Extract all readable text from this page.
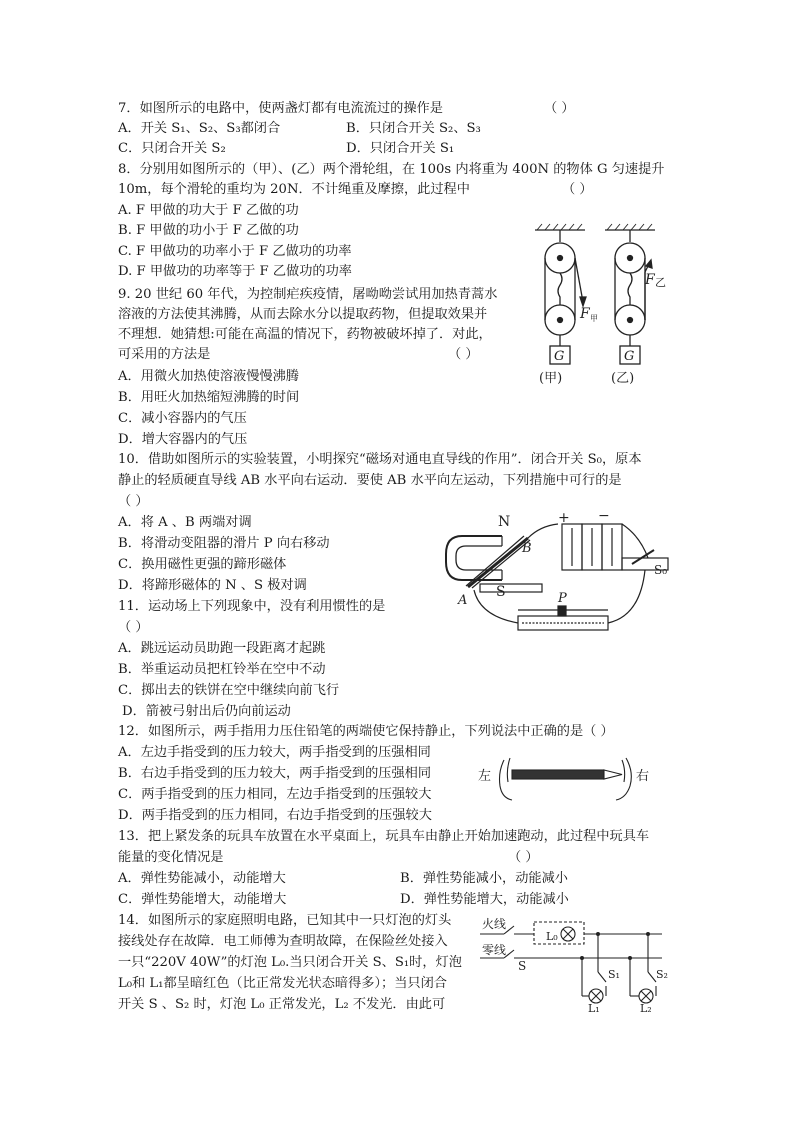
7．如图所示的电路中，使两盏灯都有电流流过的操作是	（ ）
A．开关 S₁、S₂、S₃都闭合	B．只闭合开关 S₂、S₃
C．只闭合开关 S₂	D．只闭合开关 S₁
8．分别用如图所示的（甲）、(乙）两个滑轮组，在 100s 内将重为 400N 的物体 G 匀速提升
10m，每个滑轮的重均为 20N．不计绳重及摩擦，此过程中	（ ）
A. F 甲做的功大于 F 乙做的功
B. F 甲做的功小于 F 乙做的功
C. F 甲做功的功率小于 F 乙做功的功率
D. F 甲做功的功率等于 F 乙做功的功率
F 甲
F 乙
G	G
(甲)	(乙)
9. 20 世纪 60 年代，为控制疟疾疫情，屠呦呦尝试用加热青蒿水
溶液的方法使其沸腾，从而去除水分以提取药物，但提取效果并
不理想．她猜想:可能在高温的情况下，药物被破坏掉了．对此，
可采用的方法是	（ ）
A．用微火加热使溶液慢慢沸腾
B．用旺火加热缩短沸腾的时间
C．减小容器内的气压
D．增大容器内的气压
10．借助如图所示的实验装置，小明探究“磁场对通电直导线的作用”．闭合开关 S₀，原本
静止的轻质硬直导线 AB 水平向右运动．要使 AB 水平向左运动，下列措施中可行的是
（ ）
A．将 A 、B 两端对调
B．将滑动变阻器的滑片 P 向右移动
C．换用磁性更强的蹄形磁体
D．将蹄形磁体的 N 、S 极对调
N
S
A
B
P
S₀
+ −
11．运动场上下列现象中，没有利用惯性的是
（ ）
A．跳远运动员助跑一段距离才起跳
B．举重运动员把杠铃举在空中不动
C．掷出去的铁饼在空中继续向前飞行
D．箭被弓射出后仍向前运动
12．如图所示，两手指用力压住铅笔的两端使它保持静止，下列说法中正确的是（ ）
A．左边手指受到的压力较大，两手指受到的压强相同
B．右边手指受到的压力较大，两手指受到的压强相同
C．两手指受到的压力相同，左边手指受到的压强较大
D．两手指受到的压力相同，右边手指受到的压强较大
左	右
13．把上紧发条的玩具车放置在水平桌面上，玩具车由静止开始加速跑动，此过程中玩具车
能量的变化情况是	（ ）
A．弹性势能减小，动能增大	B．弹性势能减小，动能减小
C．弹性势能增大，动能增大	D．弹性势能增大，动能减小
14．如图所示的家庭照明电路，已知其中一只灯泡的灯头
接线处存在故障．电工师傅为查明故障，在保险丝处接入
一只“220V 40W”的灯泡 L₀.当只闭合开关 S、S₁时，灯泡
L₀和 L₁都呈暗红色（比正常发光状态暗得多）；当只闭合
开关 S 、S₂ 时，灯泡 L₀ 正常发光，L₂ 不发光．由此可
火线
零线
L₀
S
S₁	S₂
L₁	L₂
